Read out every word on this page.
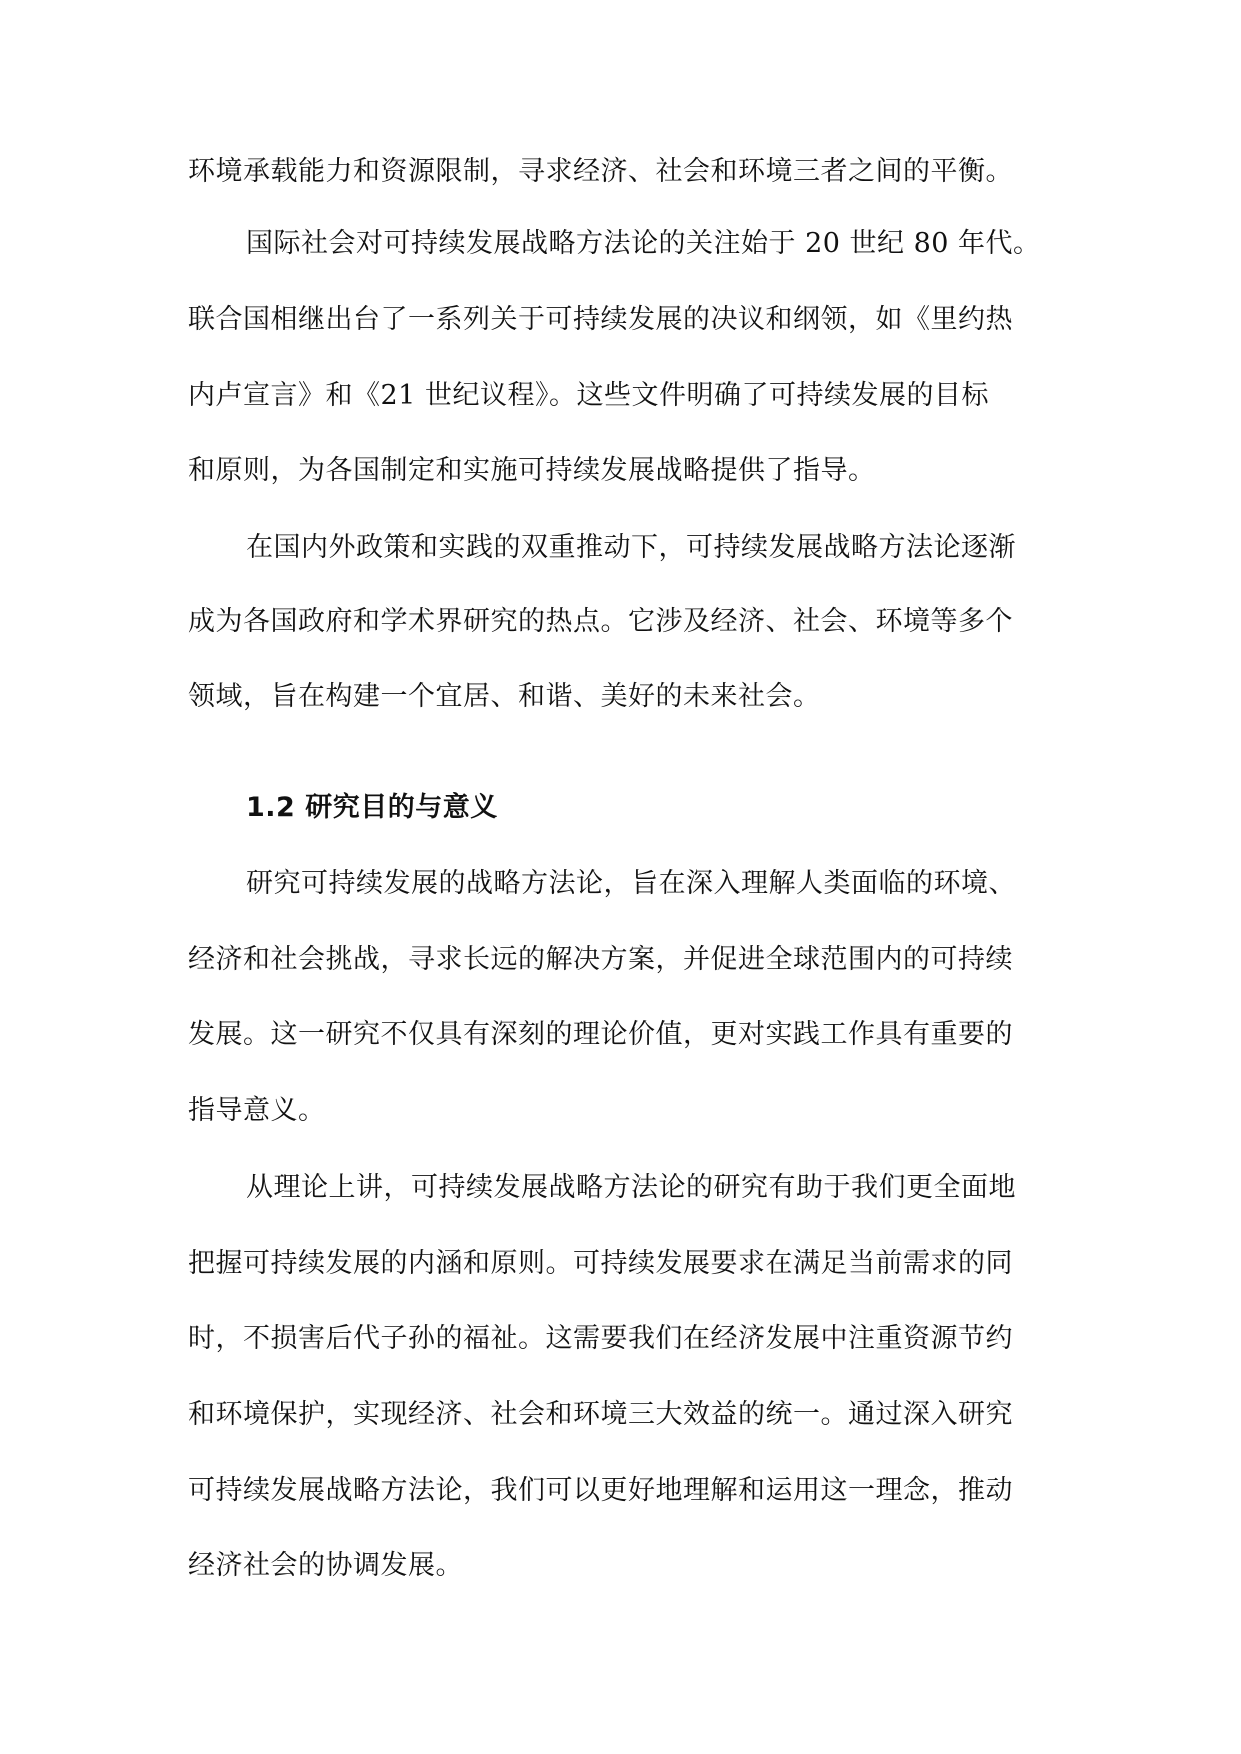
环境承载能力和资源限制，寻求经济、社会和环境三者之间的平衡。
国际社会对可持续发展战略方法论的关注始于 20 世纪 80 年代。
联合国相继出台了一系列关于可持续发展的决议和纲领，如《里约热
内卢宣言》和《21 世纪议程》。这些文件明确了可持续发展的目标
和原则，为各国制定和实施可持续发展战略提供了指导。
在国内外政策和实践的双重推动下，可持续发展战略方法论逐渐
成为各国政府和学术界研究的热点。它涉及经济、社会、环境等多个
领域，旨在构建一个宜居、和谐、美好的未来社会。
1.2 研究目的与意义
研究可持续发展的战略方法论，旨在深入理解人类面临的环境、
经济和社会挑战，寻求长远的解决方案，并促进全球范围内的可持续
发展。这一研究不仅具有深刻的理论价值，更对实践工作具有重要的
指导意义。
从理论上讲，可持续发展战略方法论的研究有助于我们更全面地
把握可持续发展的内涵和原则。可持续发展要求在满足当前需求的同
时，不损害后代子孙的福祉。这需要我们在经济发展中注重资源节约
和环境保护，实现经济、社会和环境三大效益的统一。通过深入研究
可持续发展战略方法论，我们可以更好地理解和运用这一理念，推动
经济社会的协调发展。
